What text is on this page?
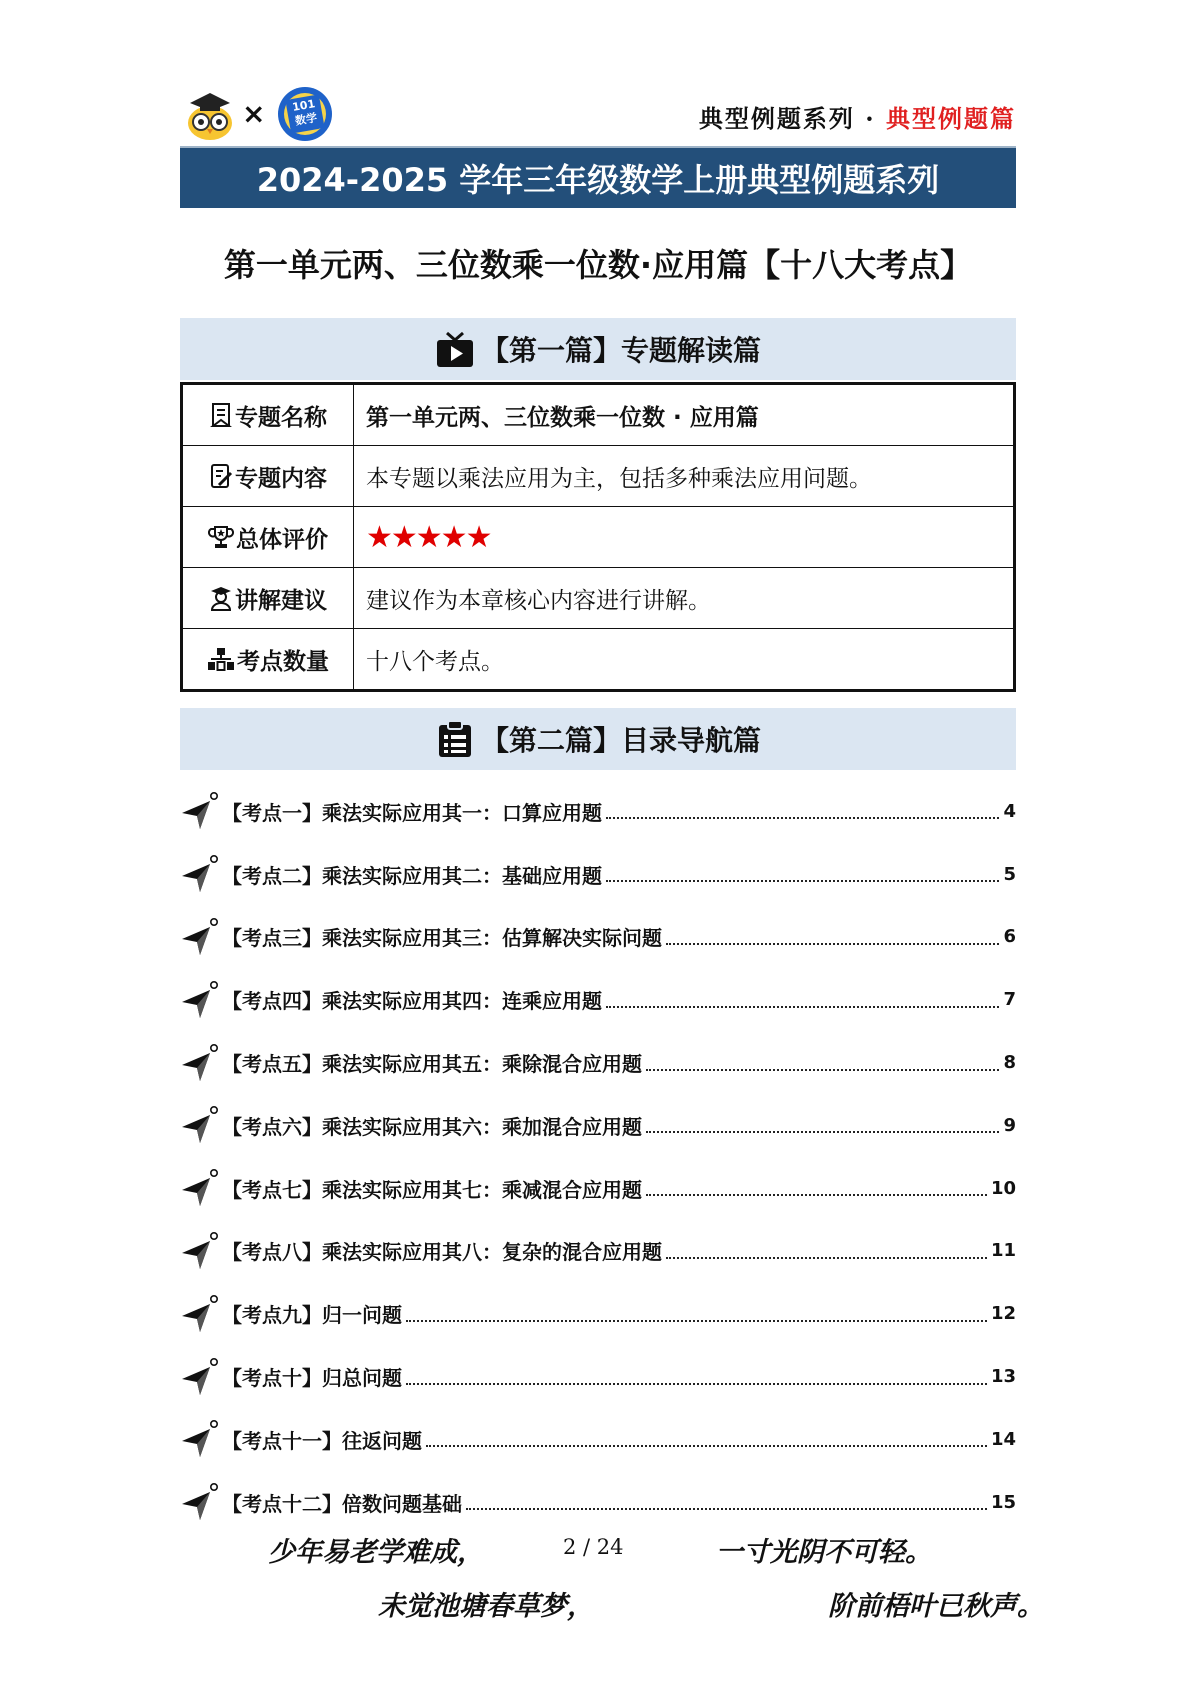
×	101 数学	典型例题系列 · 典型例题篇
2024-2025 学年三年级数学上册典型例题系列
第一单元两、三位数乘一位数·应用篇【十八大考点】
【第一篇】专题解读篇
专题名称	第一单元两、三位数乘一位数 · 应用篇

专题内容	本专题以乘法应用为主，包括多种乘法应用问题。

总体评价	★★★★★

讲解建议	建议作为本章核心内容进行讲解。

考点数量	十八个考点。
【第二篇】目录导航篇
【考点一】乘法实际应用其一：口算应用题	4
【考点二】乘法实际应用其二：基础应用题	5
【考点三】乘法实际应用其三：估算解决实际问题	6
【考点四】乘法实际应用其四：连乘应用题	7
【考点五】乘法实际应用其五：乘除混合应用题	8
【考点六】乘法实际应用其六：乘加混合应用题	9
【考点七】乘法实际应用其七：乘减混合应用题	10
【考点八】乘法实际应用其八：复杂的混合应用题	11
【考点九】归一问题	12
【考点十】归总问题	13
【考点十一】往返问题	14
【考点十二】倍数问题基础	15
少年易老学难成，	2 / 24	一寸光阴不可轻。
未觉池塘春草梦，	阶前梧叶已秋声。
